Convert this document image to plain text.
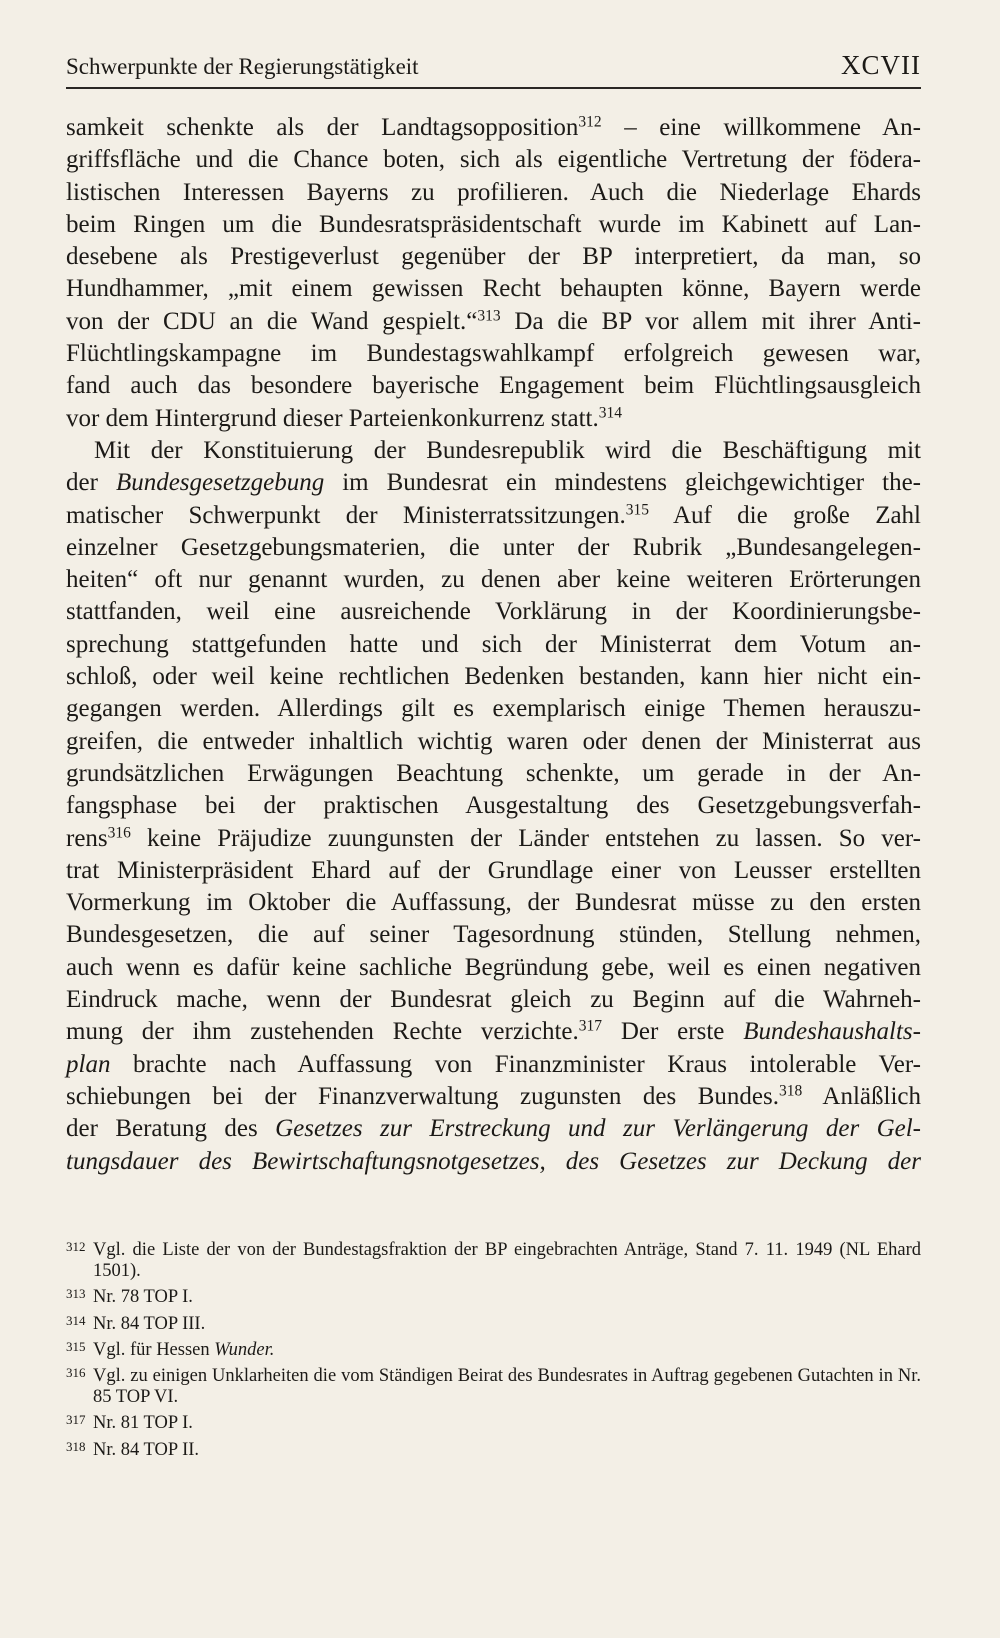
Schwerpunkte der Regierungstätigkeit	XCVII

samkeit schenkte als der Landtagsopposition$^{312}$ – eine willkommene An-

griffsfläche und die Chance boten, sich als eigentliche Vertretung der födera-

listischen Interessen Bayerns zu profilieren. Auch die Niederlage Ehards

beim Ringen um die Bundesratspräsidentschaft wurde im Kabinett auf Lan-

desebene als Prestigeverlust gegenüber der BP interpretiert, da man, so

Hundhammer, „mit einem gewissen Recht behaupten könne, Bayern werde

von der CDU an die Wand gespielt.“$^{313}$ Da die BP vor allem mit ihrer Anti-

Flüchtlingskampagne im Bundestagswahlkampf erfolgreich gewesen war,

fand auch das besondere bayerische Engagement beim Flüchtlingsausgleich

vor dem Hintergrund dieser Parteienkonkurrenz statt.$^{314}$

Mit der Konstituierung der Bundesrepublik wird die Beschäftigung mit

der Bundesgesetzgebung im Bundesrat ein mindestens gleichgewichtiger the-

matischer Schwerpunkt der Ministerratssitzungen.$^{315}$ Auf die große Zahl

einzelner Gesetzgebungsmaterien, die unter der Rubrik „Bundesangelegen-

heiten“ oft nur genannt wurden, zu denen aber keine weiteren Erörterungen

stattfanden, weil eine ausreichende Vorklärung in der Koordinierungsbe-

sprechung stattgefunden hatte und sich der Ministerrat dem Votum an-

schloß, oder weil keine rechtlichen Bedenken bestanden, kann hier nicht ein-

gegangen werden. Allerdings gilt es exemplarisch einige Themen herauszu-

greifen, die entweder inhaltlich wichtig waren oder denen der Ministerrat aus

grundsätzlichen Erwägungen Beachtung schenkte, um gerade in der An-

fangsphase bei der praktischen Ausgestaltung des Gesetzgebungsverfah-

rens$^{316}$ keine Präjudize zuungunsten der Länder entstehen zu lassen. So ver-

trat Ministerpräsident Ehard auf der Grundlage einer von Leusser erstellten

Vormerkung im Oktober die Auffassung, der Bundesrat müsse zu den ersten

Bundesgesetzen, die auf seiner Tagesordnung stünden, Stellung nehmen,

auch wenn es dafür keine sachliche Begründung gebe, weil es einen negativen

Eindruck mache, wenn der Bundesrat gleich zu Beginn auf die Wahrneh-

mung der ihm zustehenden Rechte verzichte.$^{317}$ Der erste Bundeshaushalts-

plan brachte nach Auffassung von Finanzminister Kraus intolerable Ver-

schiebungen bei der Finanzverwaltung zugunsten des Bundes.$^{318}$ Anläßlich

der Beratung des Gesetzes zur Erstreckung und zur Verlängerung der Gel-

tungsdauer des Bewirtschaftungsnotgesetzes, des Gesetzes zur Deckung der

312 Vgl. die Liste der von der Bundestagsfraktion der BP eingebrachten Anträge, Stand 7. 11. 1949 (NL Ehard 1501).
313 Nr. 78 TOP I.
314 Nr. 84 TOP III.
315 Vgl. für Hessen Wunder.
316 Vgl. zu einigen Unklarheiten die vom Ständigen Beirat des Bundesrates in Auftrag gegebenen Gutachten in Nr. 85 TOP VI.
317 Nr. 81 TOP I.
318 Nr. 84 TOP II.
